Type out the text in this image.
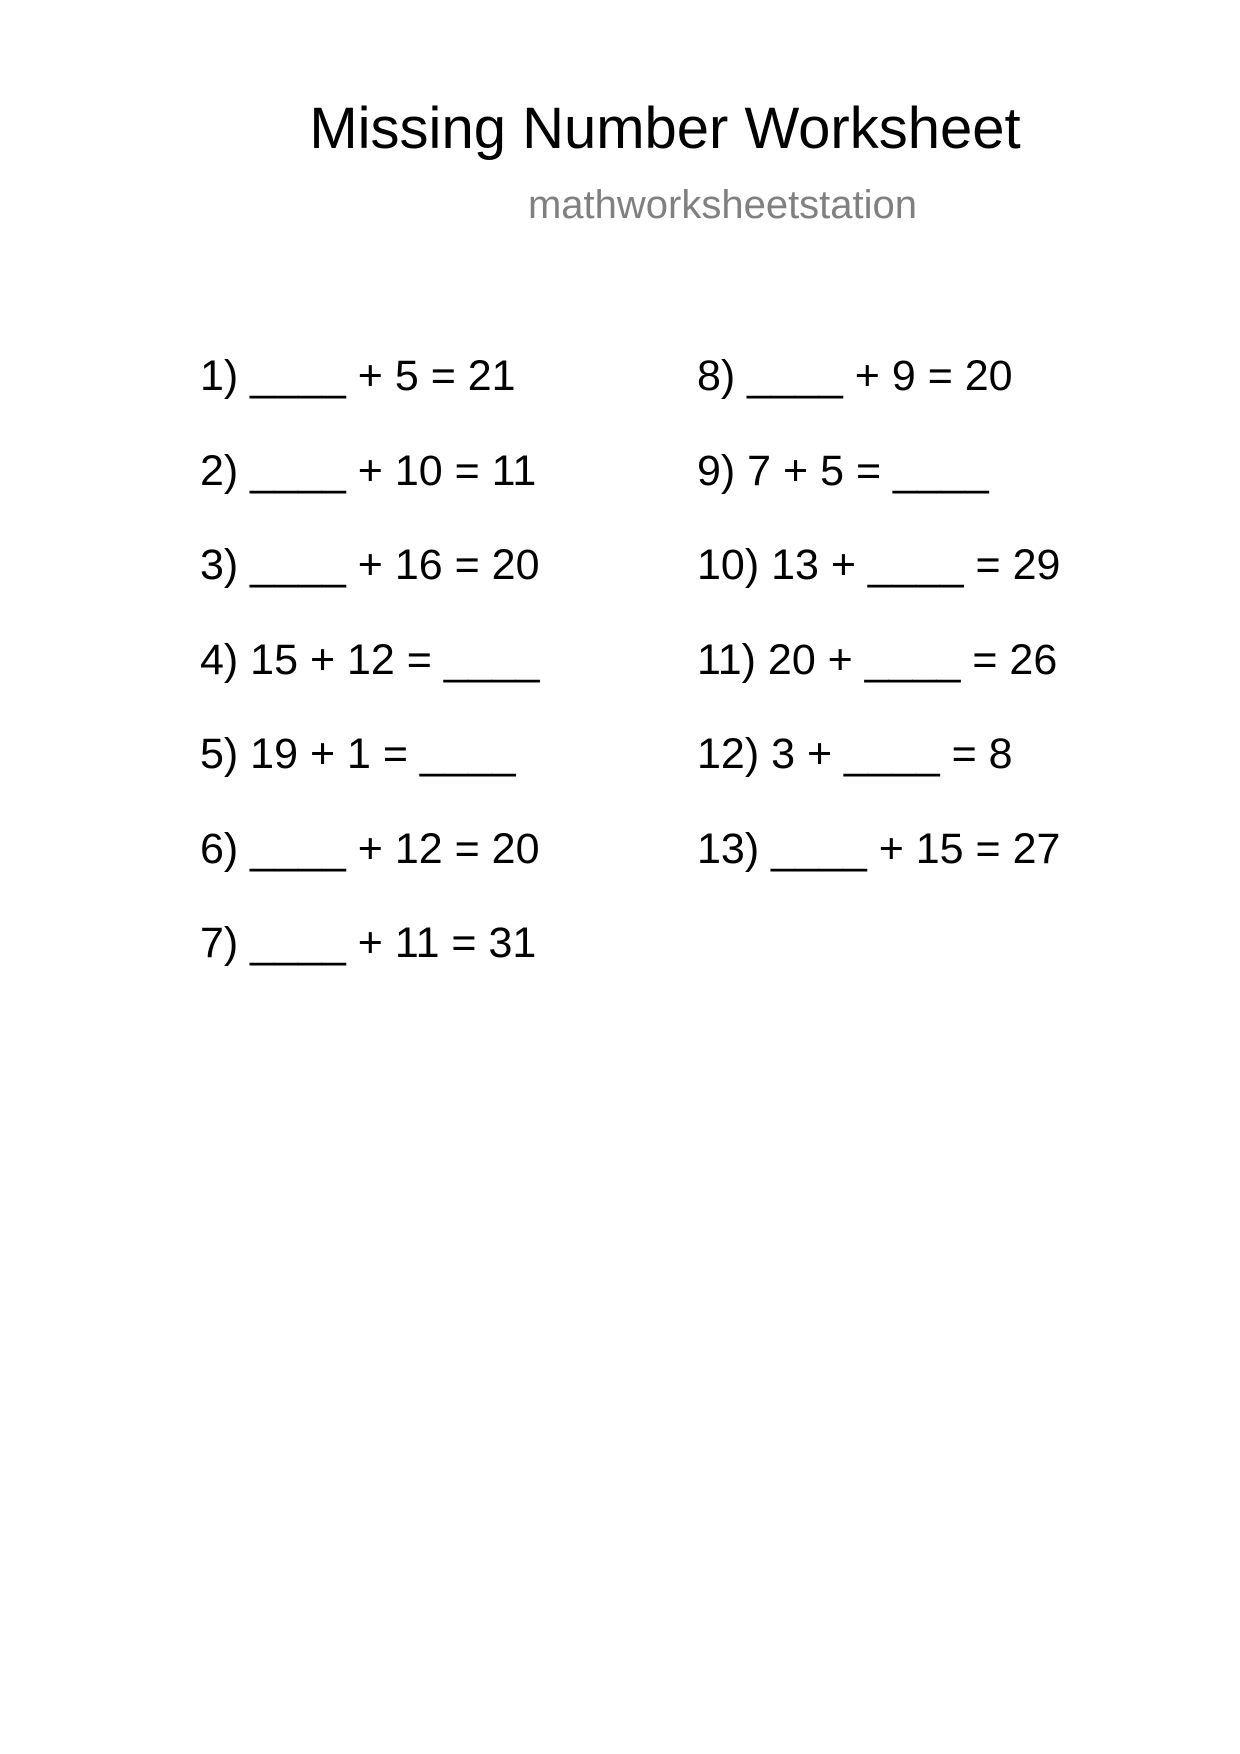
Missing Number Worksheet
mathworksheetstation
1) ____ + 5 = 21
2) ____ + 10 = 11
3) ____ + 16 = 20
4) 15 + 12 = ____
5) 19 + 1 = ____
6) ____ + 12 = 20
7) ____ + 11 = 31
8) ____ + 9 = 20
9) 7 + 5 = ____
10) 13 + ____ = 29
11) 20 + ____ = 26
12) 3 + ____ = 8
13) ____ + 15 = 27
